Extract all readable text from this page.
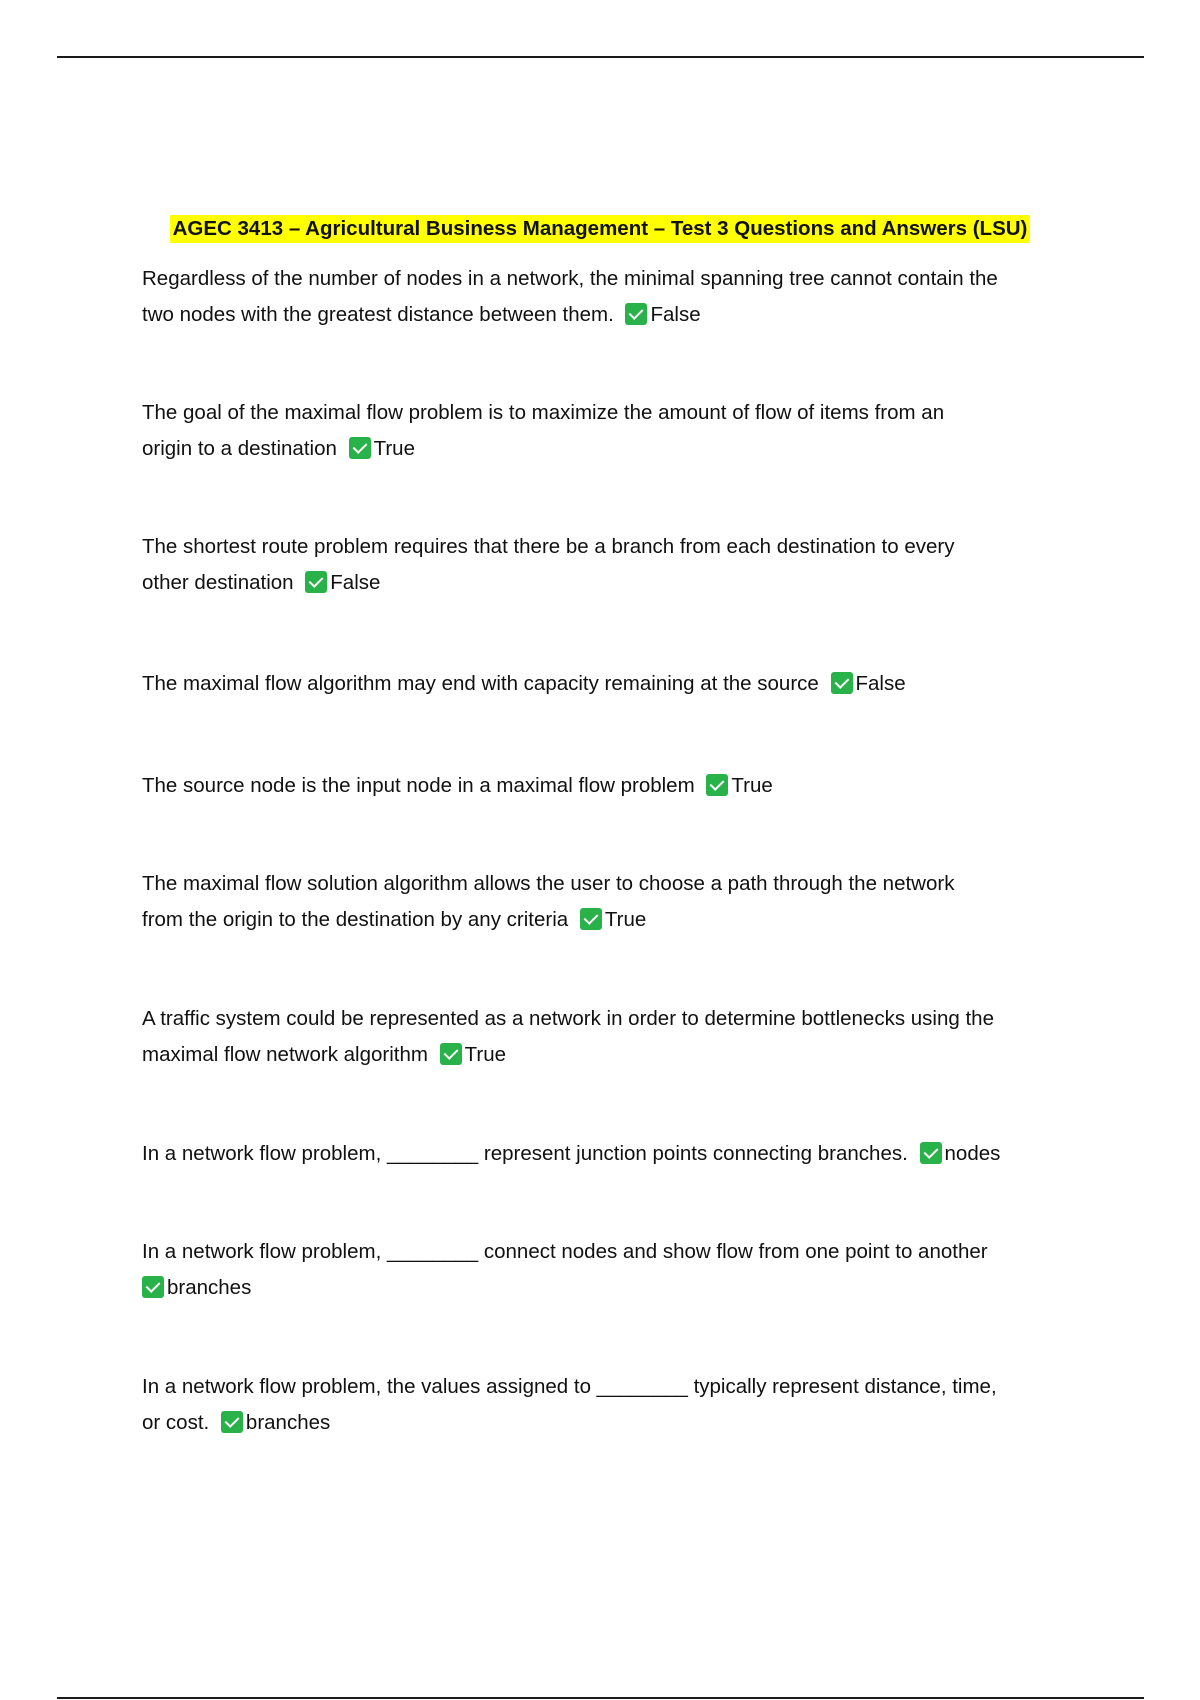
AGEC 3413 – Agricultural Business Management – Test 3 Questions and Answers (LSU)
Regardless of the number of nodes in a network, the minimal spanning tree cannot contain the
two nodes with the greatest distance between them. False
The goal of the maximal flow problem is to maximize the amount of flow of items from an
origin to a destination True
The shortest route problem requires that there be a branch from each destination to every
other destination False
The maximal flow algorithm may end with capacity remaining at the source False
The source node is the input node in a maximal flow problem True
The maximal flow solution algorithm allows the user to choose a path through the network
from the origin to the destination by any criteria True
A traffic system could be represented as a network in order to determine bottlenecks using the
maximal flow network algorithm True
In a network flow problem, ________ represent junction points connecting branches. nodes
In a network flow problem, ________ connect nodes and show flow from one point to another
branches
In a network flow problem, the values assigned to ________ typically represent distance, time,
or cost. branches
